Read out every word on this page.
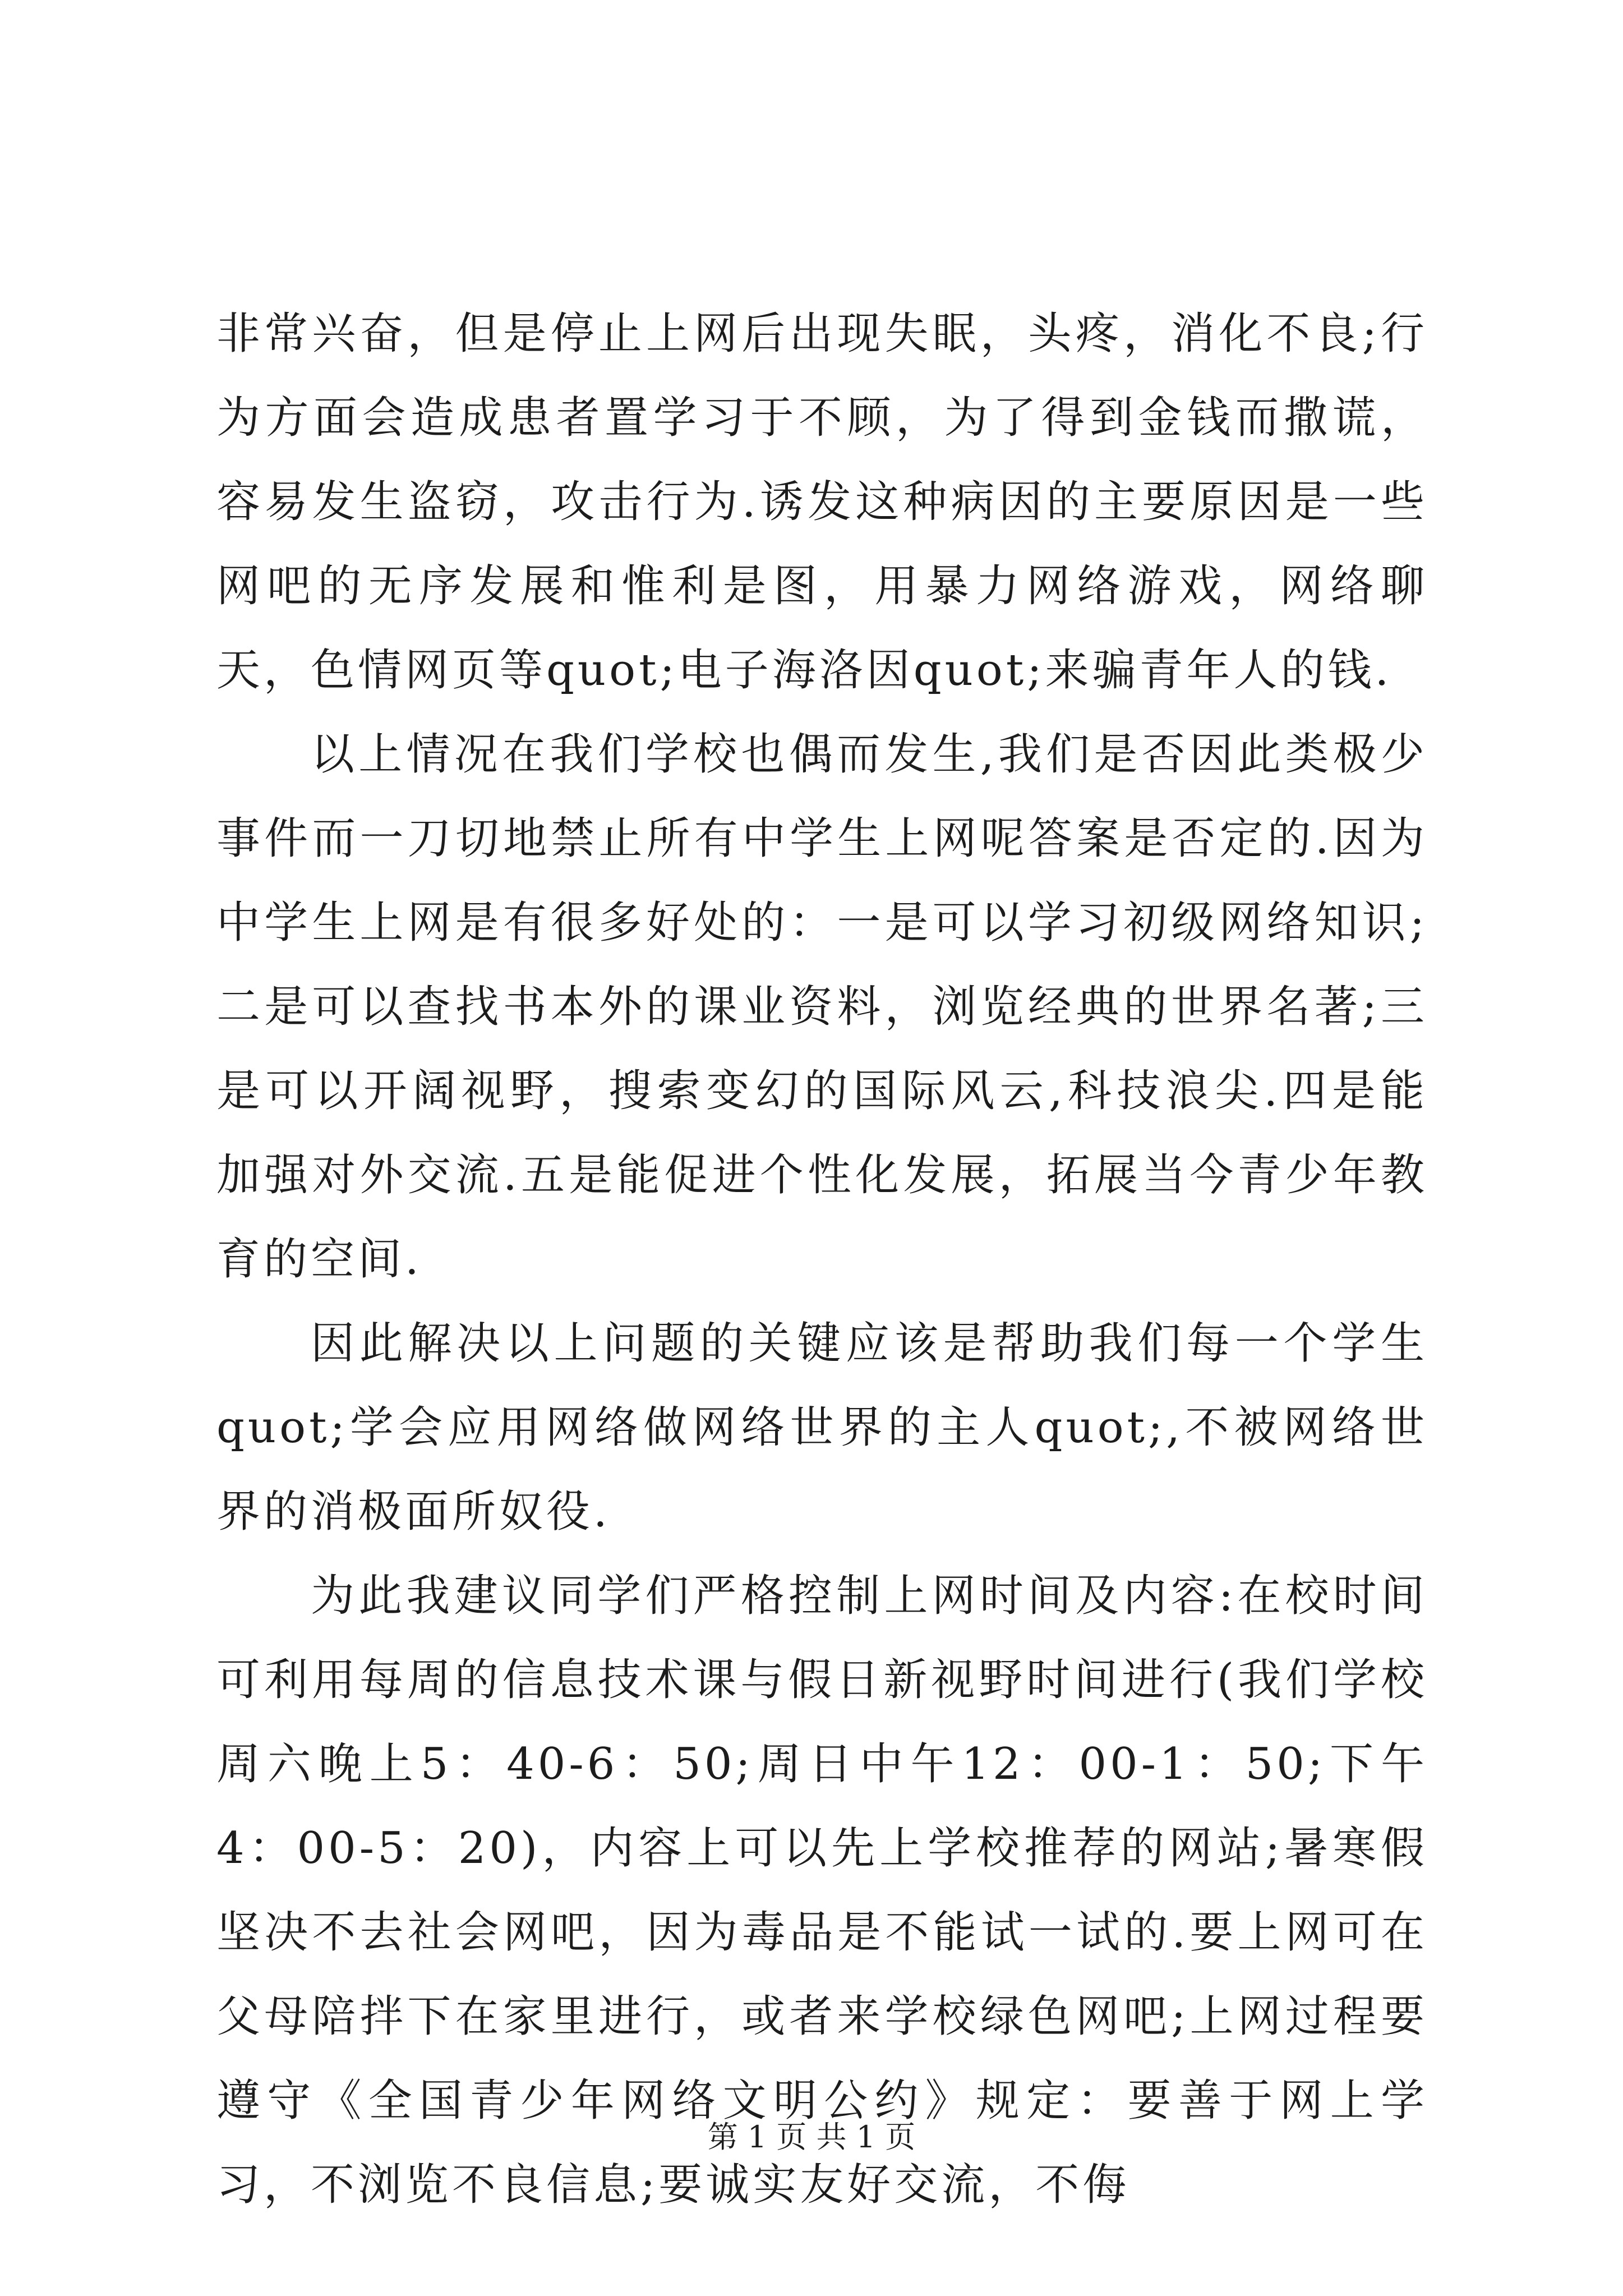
非常兴奋，但是停止上网后出现失眠，头疼，消化不良;行为方面会造成患者置学习于不顾，为了得到金钱而撒谎，容易发生盗窃，攻击行为.诱发这种病因的主要原因是一些网吧的无序发展和惟利是图，用暴力网络游戏，网络聊天，色情网页等quot;电子海洛因quot;来骗青年人的钱.

以上情况在我们学校也偶而发生,我们是否因此类极少事件而一刀切地禁止所有中学生上网呢答案是否定的.因为中学生上网是有很多好处的：一是可以学习初级网络知识;二是可以查找书本外的课业资料，浏览经典的世界名著;三是可以开阔视野，搜索变幻的国际风云,科技浪尖.四是能加强对外交流.五是能促进个性化发展，拓展当今青少年教育的空间.

因此解决以上问题的关键应该是帮助我们每一个学生quot;学会应用网络做网络世界的主人quot;,不被网络世界的消极面所奴役.

为此我建议同学们严格控制上网时间及内容:在校时间可利用每周的信息技术课与假日新视野时间进行(我们学校周六晚上5：40-6：50;周日中午12：00-1：50;下午4：00-5：20)，内容上可以先上学校推荐的网站;暑寒假坚决不去社会网吧，因为毒品是不能试一试的.要上网可在父母陪拌下在家里进行，或者来学校绿色网吧;上网过程要遵守《全国青少年网络文明公约》规定：要善于网上学习，不浏览不良信息;要诚实友好交流，不侮

第 1 页 共 1 页
